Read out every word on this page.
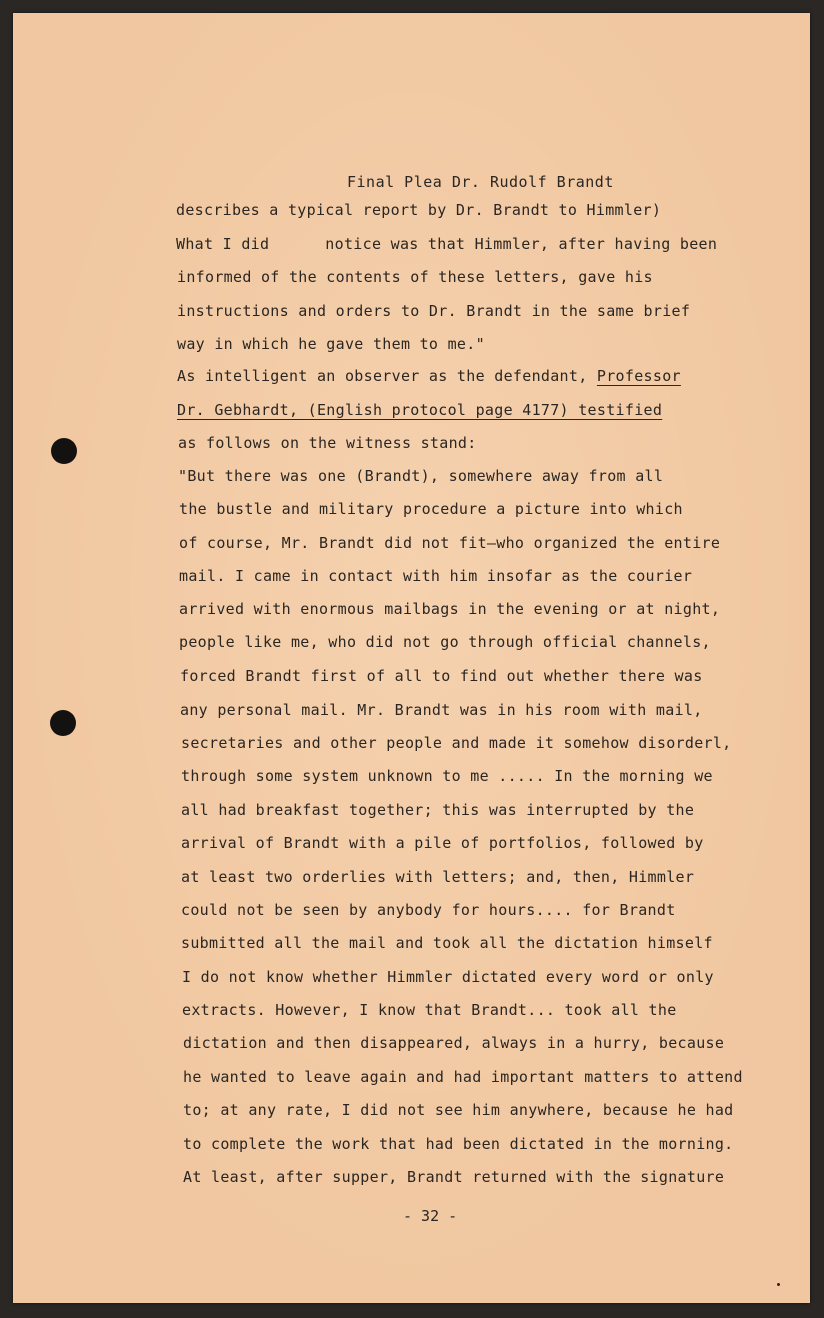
Final Plea Dr. Rudolf Brandt
describes a typical report by Dr. Brandt to Himmler)
What I did      notice was that Himmler, after having been
informed of the contents of these letters, gave his
instructions and orders to Dr. Brandt in the same brief
way in which he gave them to me."
As intelligent an observer as the defendant, Professor
Dr. Gebhardt, (English protocol page 4177) testified
as follows on the witness stand:
"But there was one (Brandt), somewhere away from all
the bustle and military procedure a picture into which
of course, Mr. Brandt did not fit—who organized the entire
mail. I came in contact with him insofar as the courier
arrived with enormous mailbags in the evening or at night,
people like me, who did not go through official channels,
forced Brandt first of all to find out whether there was
any personal mail. Mr. Brandt was in his room with mail,
secretaries and other people and made it somehow disorderl,
through some system unknown to me ..... In the morning we
all had breakfast together; this was interrupted by the
arrival of Brandt with a pile of portfolios, followed by
at least two orderlies with letters; and, then, Himmler
could not be seen by anybody for hours.... for Brandt
submitted all the mail and took all the dictation himself
I do not know whether Himmler dictated every word or only
extracts. However, I know that Brandt... took all the
dictation and then disappeared, always in a hurry, because
he wanted to leave again and had important matters to attend
to; at any rate, I did not see him anywhere, because he had
to complete the work that had been dictated in the morning.
At least, after supper, Brandt returned with the signature
- 32 -
